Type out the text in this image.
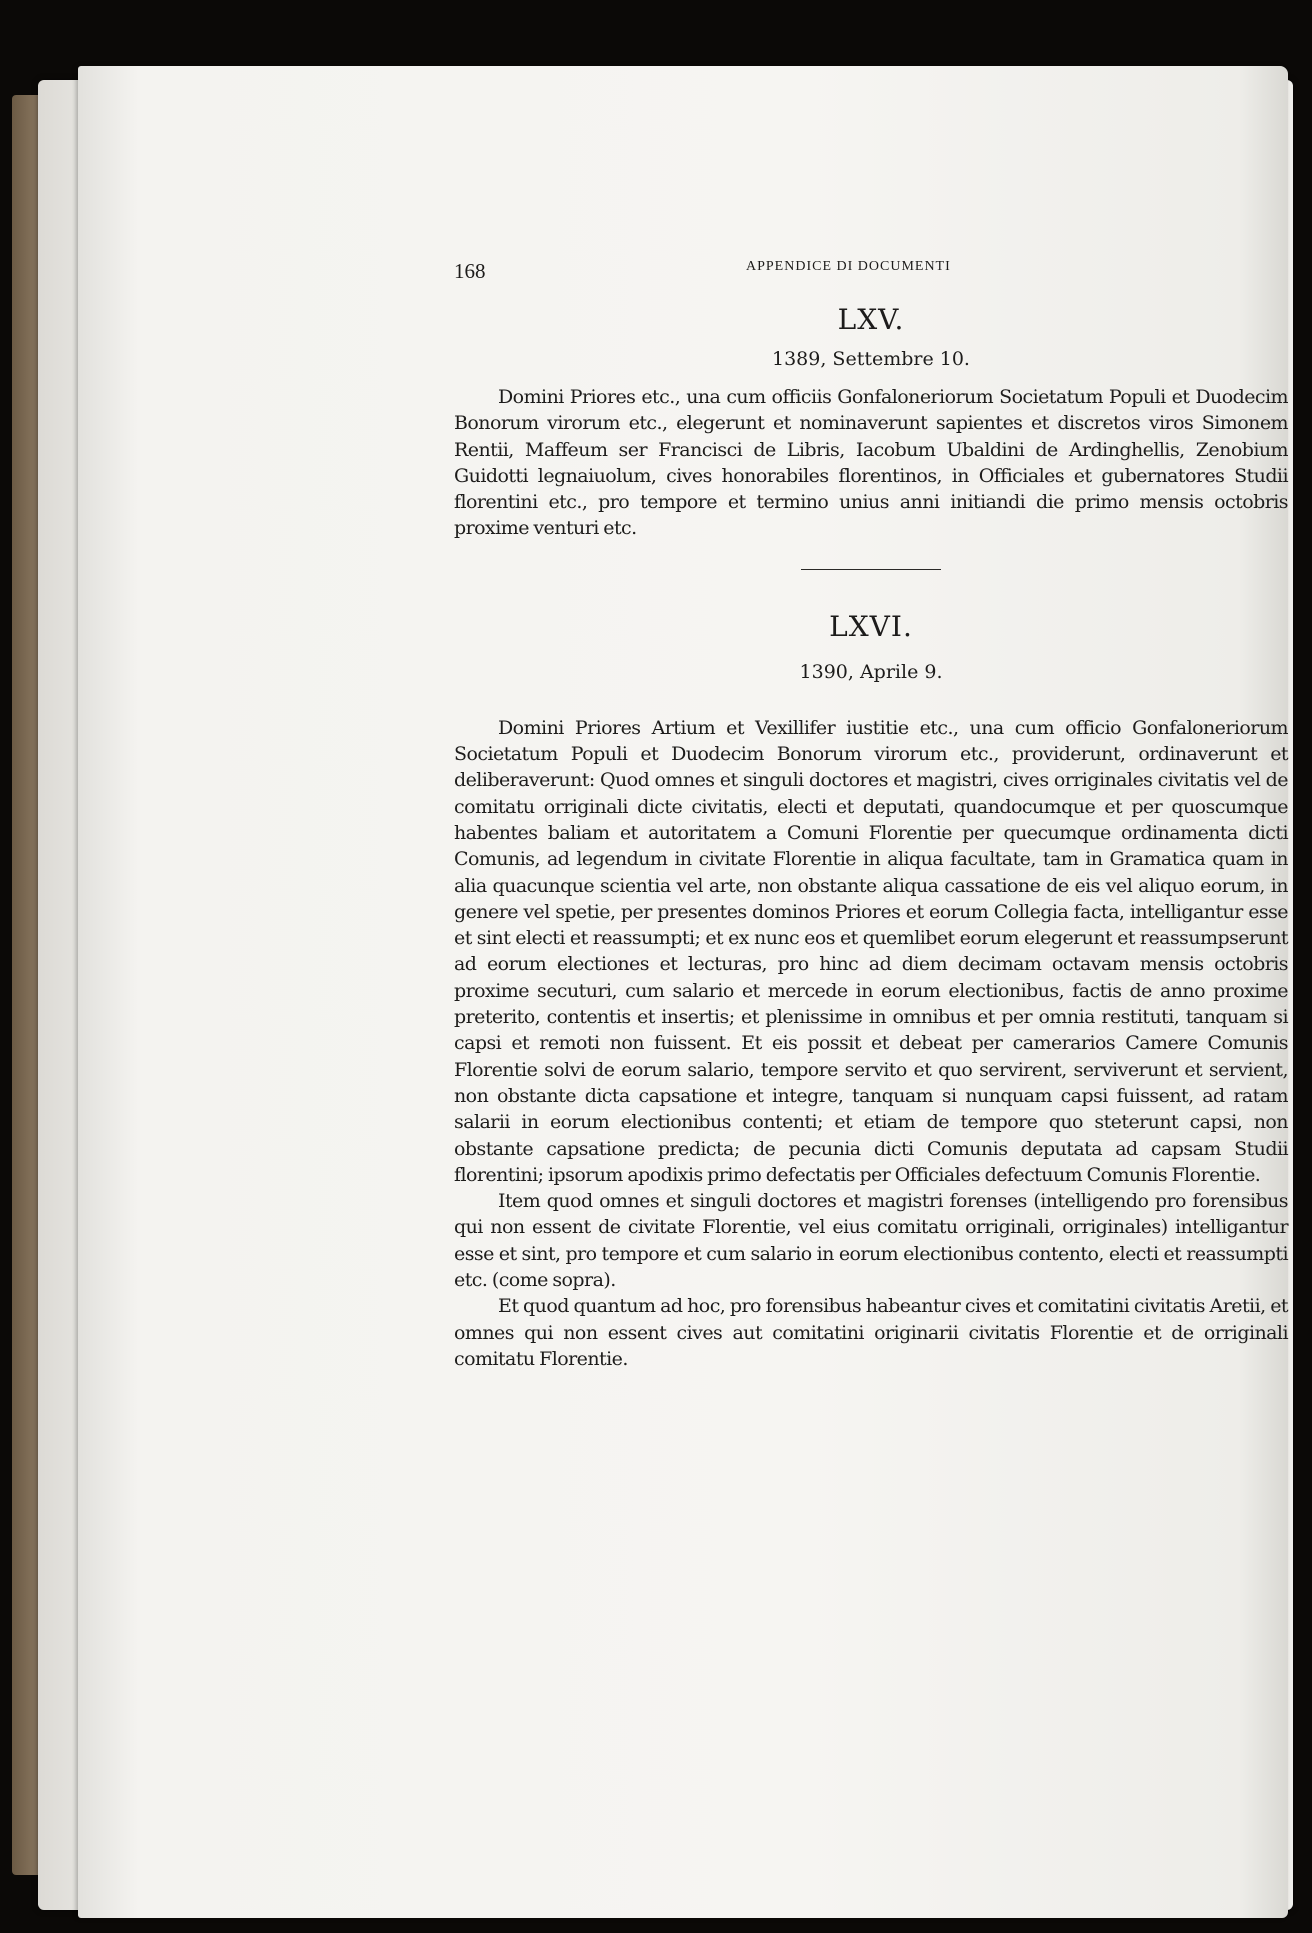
168	APPENDICE DI DOCUMENTI

LXV.

1389, Settembre 10.

Domini Priores etc., una cum officiis Gonfaloneriorum Societatum Populi et Duodecim Bonorum virorum etc., elegerunt et nominaverunt sapientes et discretos viros Simonem Rentii, Maffeum ser Francisci de Libris, Iacobum Ubaldini de Ardinghellis, Zenobium Guidotti legnaiuolum, cives honorabiles florentinos, in Officiales et gubernatores Studii florentini etc., pro tempore et termino unius anni initiandi die primo mensis octobris proxime venturi etc.

LXVI.

1390, Aprile 9.

Domini Priores Artium et Vexillifer iustitie etc., una cum officio Gonfaloneriorum Societatum Populi et Duodecim Bonorum virorum etc., providerunt, ordinaverunt et deliberaverunt: Quod omnes et singuli doctores et magistri, cives orriginales civitatis vel de comitatu orriginali dicte civitatis, electi et deputati, quandocumque et per quoscumque habentes baliam et autoritatem a Comuni Florentie per quecumque ordinamenta dicti Comunis, ad legendum in civitate Florentie in aliqua facultate, tam in Gramatica quam in alia quacunque scientia vel arte, non obstante aliqua cassatione de eis vel aliquo eorum, in genere vel spetie, per presentes dominos Priores et eorum Collegia facta, intelligantur esse et sint electi et reassumpti; et ex nunc eos et quemlibet eorum elegerunt et reassumpserunt ad eorum electiones et lecturas, pro hinc ad diem decimam octavam mensis octobris proxime secuturi, cum salario et mercede in eorum electionibus, factis de anno proxime preterito, contentis et insertis; et plenissime in omnibus et per omnia restituti, tanquam si capsi et remoti non fuissent. Et eis possit et debeat per camerarios Camere Comunis Florentie solvi de eorum salario, tempore servito et quo servirent, serviverunt et servient, non obstante dicta capsatione et integre, tanquam si nunquam capsi fuissent, ad ratam salarii in eorum electionibus contenti; et etiam de tempore quo steterunt capsi, non obstante capsatione predicta; de pecunia dicti Comunis deputata ad capsam Studii florentini; ipsorum apodixis primo defectatis per Officiales defectuum Comunis Florentie.

Item quod omnes et singuli doctores et magistri forenses (intelligendo pro forensibus qui non essent de civitate Florentie, vel eius comitatu orriginali, orriginales) intelligantur esse et sint, pro tempore et cum salario in eorum electionibus contento, electi et reassumpti etc. (come sopra).

Et quod quantum ad hoc, pro forensibus habeantur cives et comitatini civitatis Aretii, et omnes qui non essent cives aut comitatini originarii civitatis Florentie et de orriginali comitatu Florentie.
